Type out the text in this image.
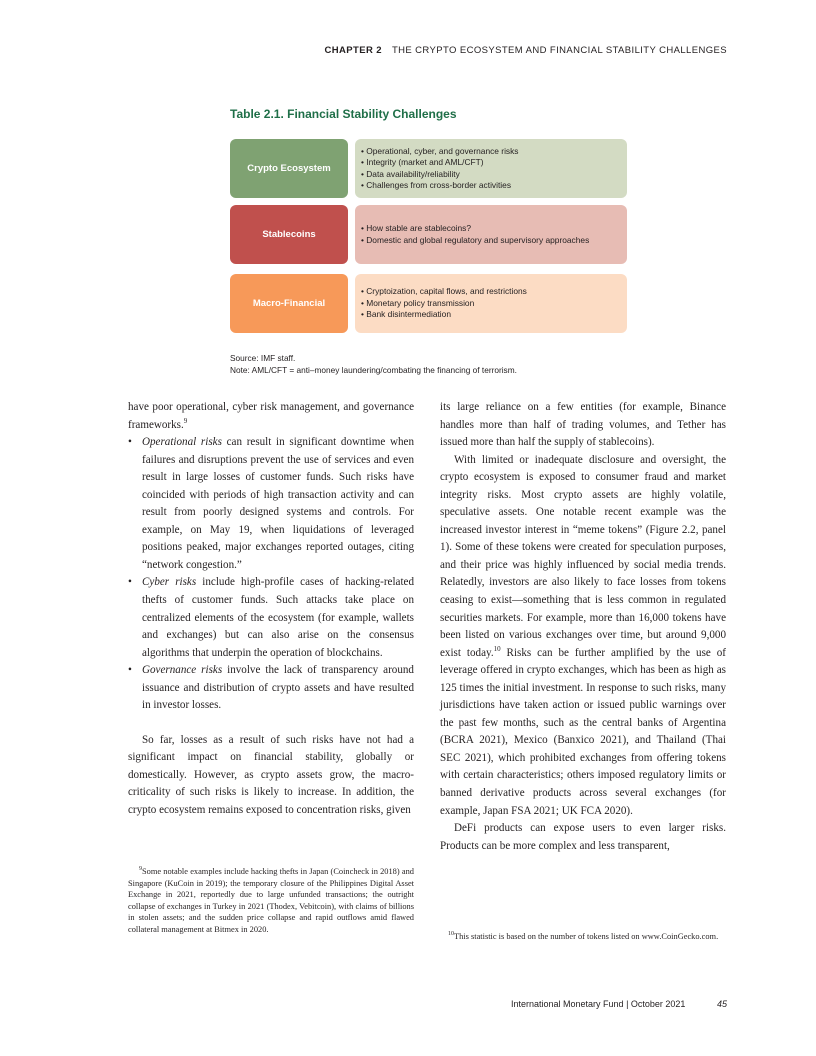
CHAPTER 2 THE CRYPTO ECOSYSTEM AND FINANCIAL STABILITY CHALLENGES
Table 2.1. Financial Stability Challenges
Crypto Ecosystem
• Operational, cyber, and governance risks
• Integrity (market and AML/CFT)
• Data availability/reliability
• Challenges from cross-border activities
Stablecoins
• How stable are stablecoins?
• Domestic and global regulatory and supervisory approaches
Macro-Financial
• Cryptoization, capital flows, and restrictions
• Monetary policy transmission
• Bank disintermediation
Source: IMF staff.
Note: AML/CFT = anti–money laundering/combating the financing of terrorism.

have poor operational, cyber risk management, and governance frameworks.$^9$

• Operational risks can result in significant downtime when failures and disruptions prevent the use of services and even result in large losses of customer funds. Such risks have coincided with periods of high transaction activity and can result from poorly designed systems and controls. For example, on May 19, when liquidations of leveraged positions peaked, major exchanges reported outages, citing “network congestion.”
• Cyber risks include high-profile cases of hacking-related thefts of customer funds. Such attacks take place on centralized elements of the ecosystem (for example, wallets and exchanges) but can also arise on the consensus algorithms that underpin the operation of blockchains.
• Governance risks involve the lack of transparency around issuance and distribution of crypto assets and have resulted in investor losses.

So far, losses as a result of such risks have not had a significant impact on financial stability, globally or domestically. However, as crypto assets grow, the macro-criticality of such risks is likely to increase. In addition, the crypto ecosystem remains exposed to concentration risks, given

its large reliance on a few entities (for example, Binance handles more than half of trading volumes, and Tether has issued more than half the supply of stablecoins).

With limited or inadequate disclosure and oversight, the crypto ecosystem is exposed to consumer fraud and market integrity risks. Most crypto assets are highly volatile, speculative assets. One notable recent example was the increased investor interest in “meme tokens” (Figure 2.2, panel 1). Some of these tokens were created for speculation purposes, and their price was highly influenced by social media trends. Relatedly, investors are also likely to face losses from tokens ceasing to exist—something that is less common in regulated securities markets. For example, more than 16,000 tokens have been listed on various exchanges over time, but around 9,000 exist today.$^{10}$ Risks can be further amplified by the use of leverage offered in crypto exchanges, which has been as high as 125 times the initial investment. In response to such risks, many jurisdictions have taken action or issued public warnings over the past few months, such as the central banks of Argentina (BCRA 2021), Mexico (Banxico 2021), and Thailand (Thai SEC 2021), which prohibited exchanges from offering tokens with certain characteristics; others imposed regulatory limits or banned derivative products across several exchanges (for example, Japan FSA 2021; UK FCA 2020).

DeFi products can expose users to even larger risks. Products can be more complex and less transparent,

$^9$Some notable examples include hacking thefts in Japan (Coincheck in 2018) and Singapore (KuCoin in 2019); the temporary closure of the Philippines Digital Asset Exchange in 2021, reportedly due to large unfunded transactions; the outright collapse of exchanges in Turkey in 2021 (Thodex, Vebitcoin), with claims of billions in stolen assets; and the sudden price collapse and rapid outflows amid flawed collateral management at Bitmex in 2020.
$^{10}$This statistic is based on the number of tokens listed on www.CoinGecko.com.
International Monetary Fund | October 2021	45
